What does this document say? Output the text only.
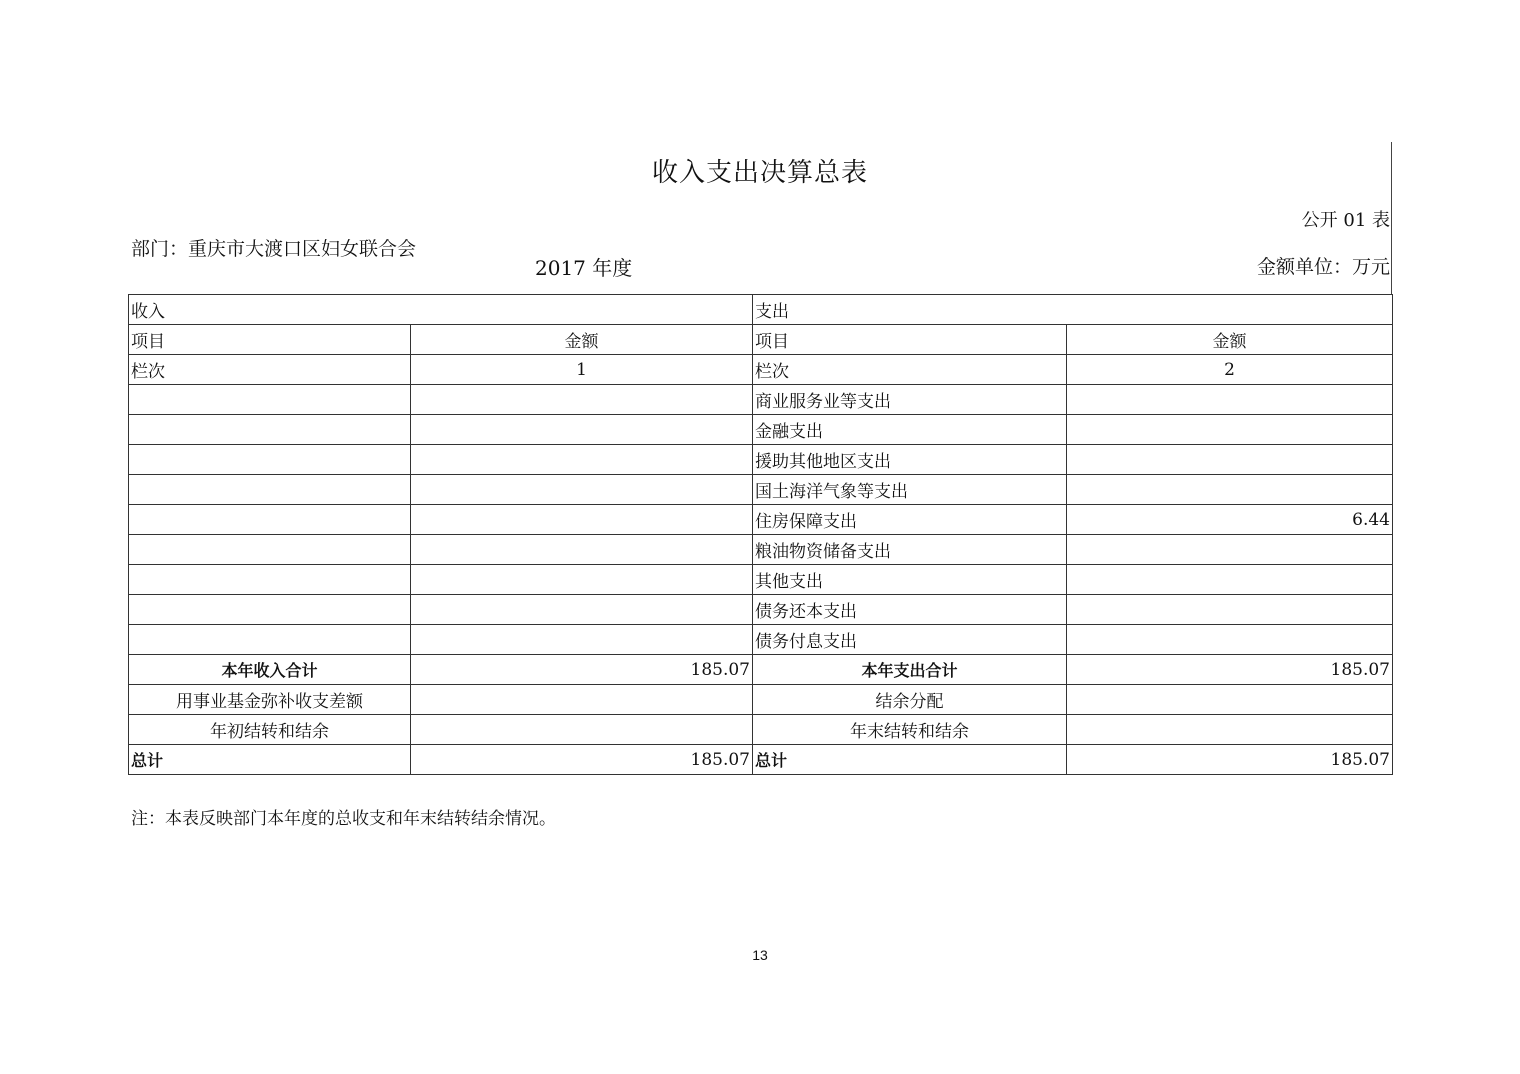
收入支出决算总表
公开 01 表
部门：重庆市大渡口区妇女联合会
2017 年度	金额单位：万元
收入		支出	
项目	金额	项目	金额
栏次	1	栏次	2
		商业服务业等支出	
		金融支出	
		援助其他地区支出	
		国土海洋气象等支出	
		住房保障支出	6.44
		粮油物资储备支出	
		其他支出	
		债务还本支出	
		债务付息支出	
本年收入合计	185.07	本年支出合计	185.07
用事业基金弥补收支差额		结余分配	
年初结转和结余		年末结转和结余	
总计	185.07	总计	185.07
注：本表反映部门本年度的总收支和年末结转结余情况。
13
